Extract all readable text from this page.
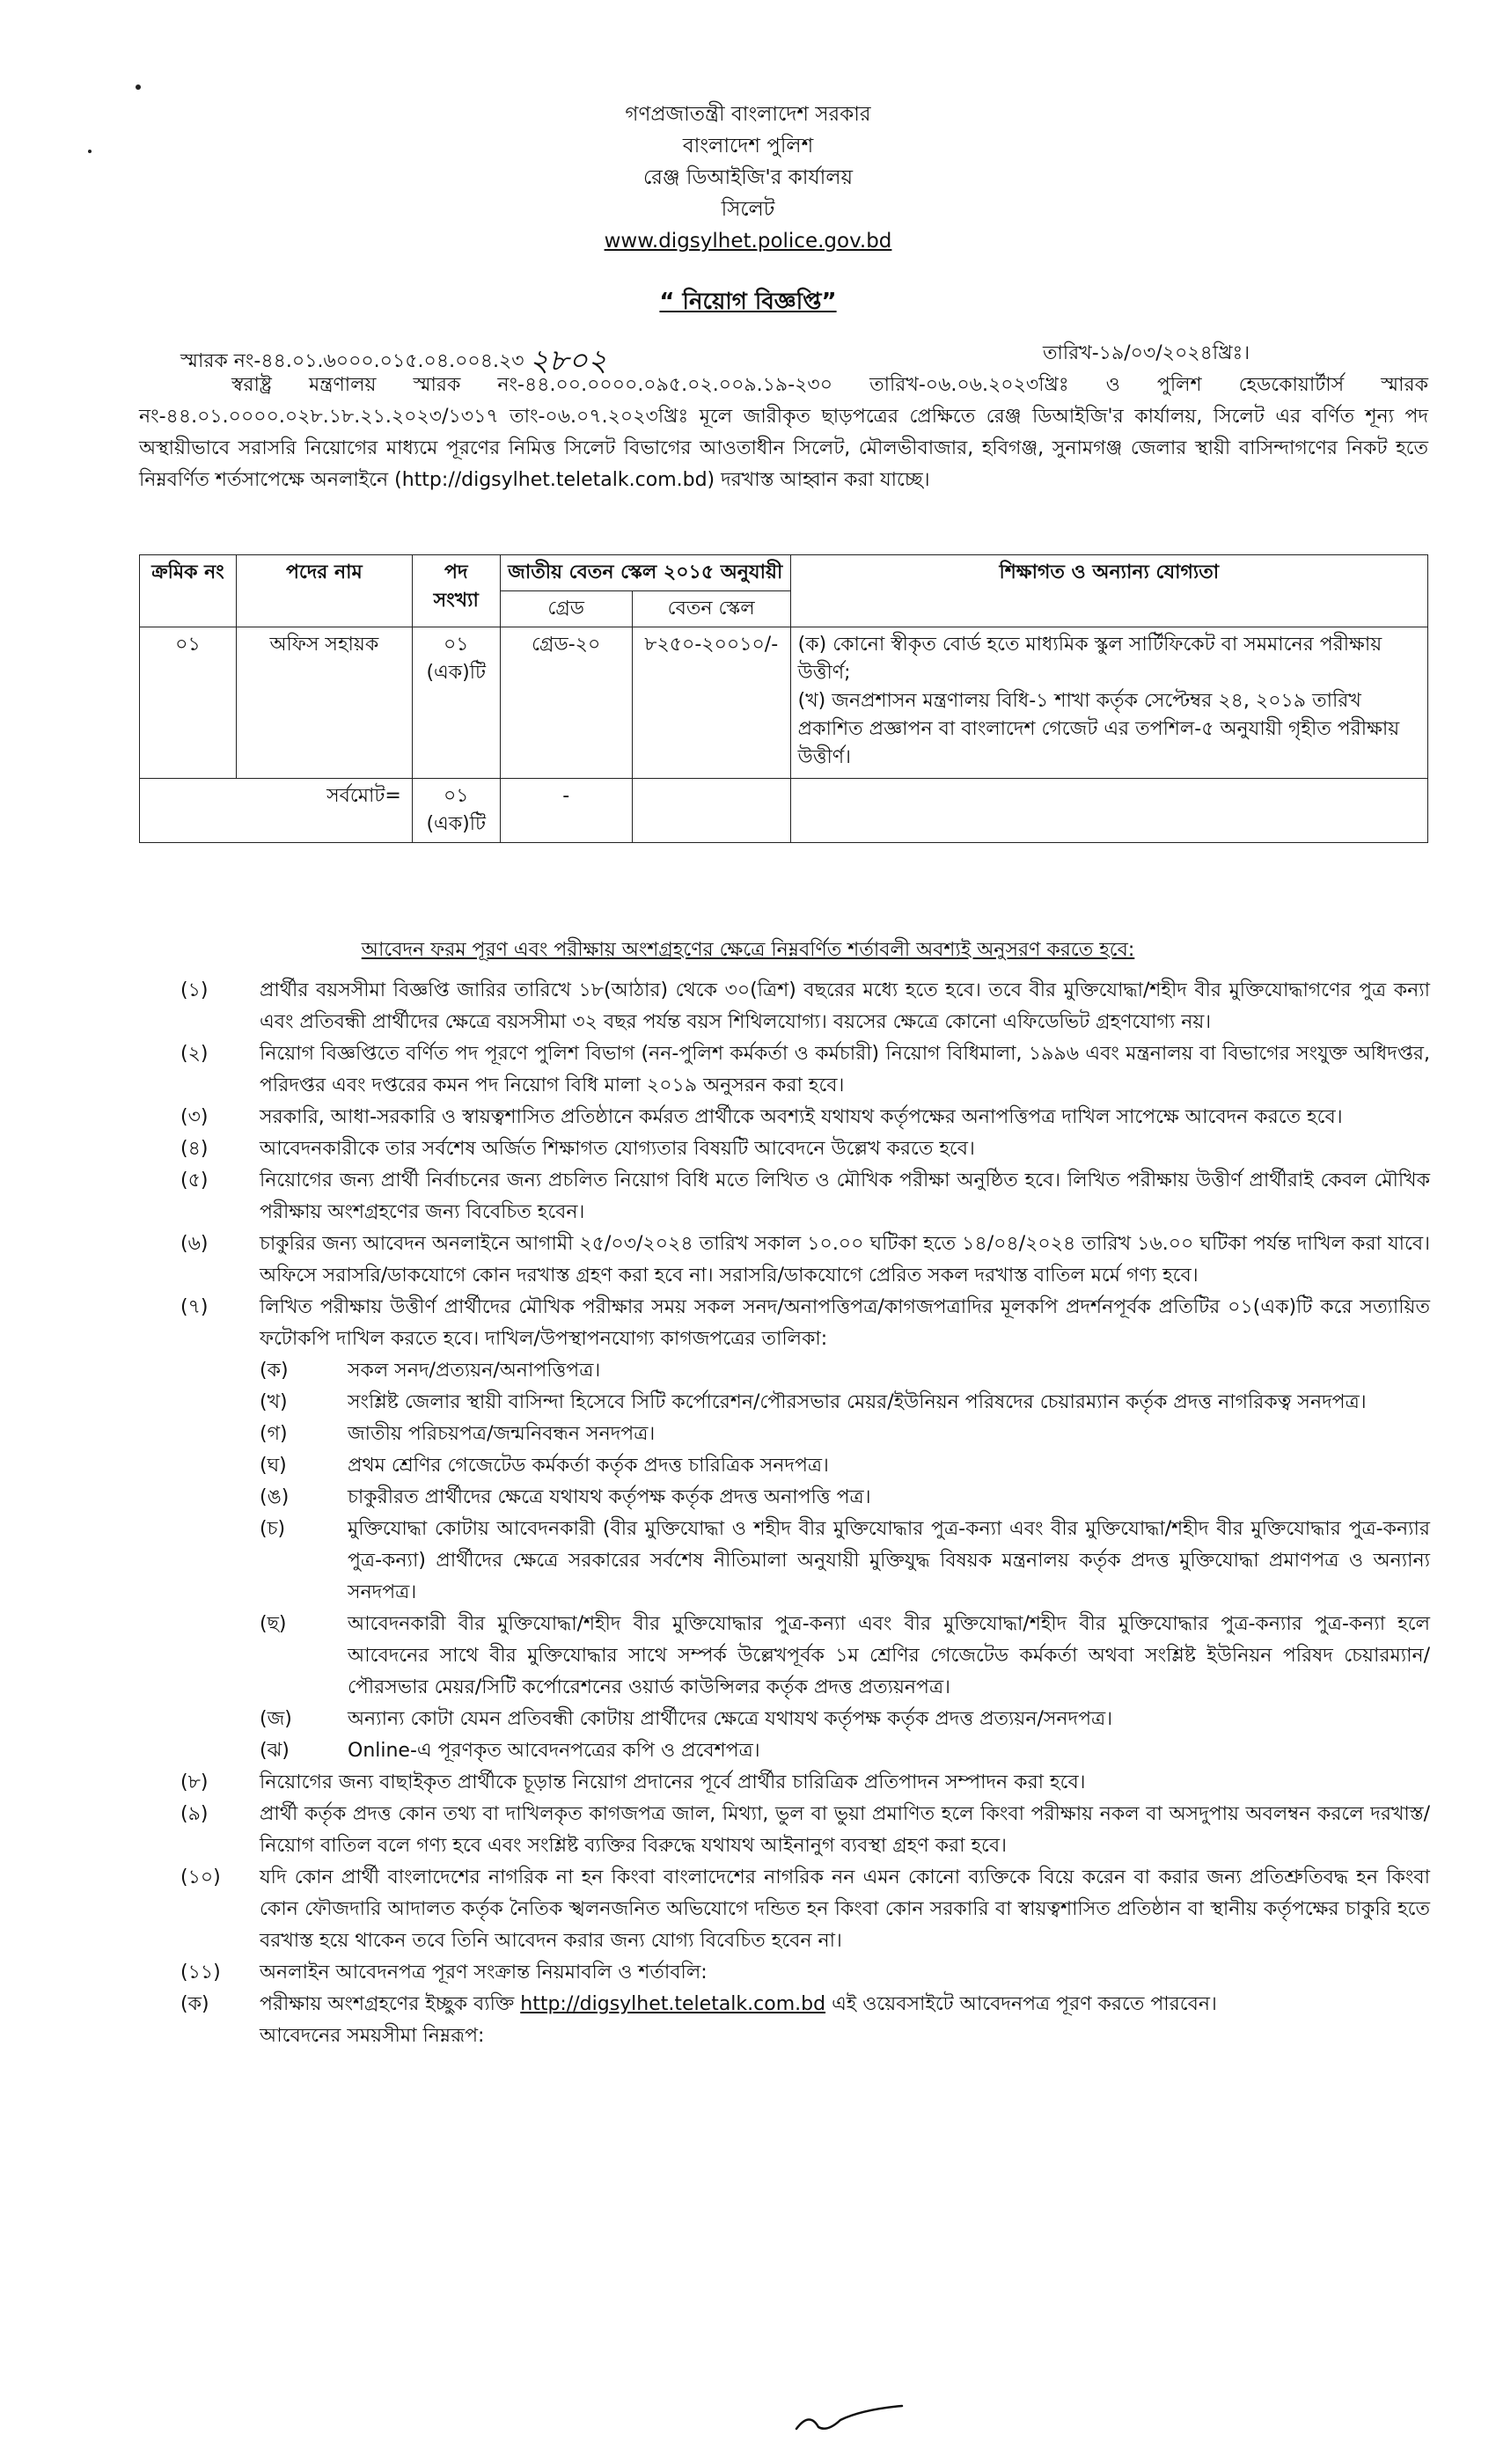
গণপ্রজাতন্ত্রী বাংলাদেশ সরকার
বাংলাদেশ পুলিশ
রেঞ্জ ডিআইজি'র কার্যালয়
সিলেট
www.digsylhet.police.gov.bd
“ নিয়োগ বিজ্ঞপ্তি”
স্মারক নং-৪৪.০১.৬০০০.০১৫.০৪.০০৪.২৩ ২৮০২	তারিখ-১৯/০৩/২০২৪খ্রিঃ।
স্বরাষ্ট্র মন্ত্রণালয় স্মারক নং-৪৪.০০.০০০০.০৯৫.০২.০০৯.১৯-২৩০ তারিখ-০৬.০৬.২০২৩খ্রিঃ ও পুলিশ হেডকোয়ার্টার্স স্মারক নং-৪৪.০১.০০০০.০২৮.১৮.২১.২০২৩/১৩১৭ তাং-০৬.০৭.২০২৩খ্রিঃ মূলে জারীকৃত ছাড়পত্রের প্রেক্ষিতে রেঞ্জ ডিআইজি'র কার্যালয়, সিলেট এর বর্ণিত শূন্য পদ অস্থায়ীভাবে সরাসরি নিয়োগের মাধ্যমে পূরণের নিমিত্ত সিলেট বিভাগের আওতাধীন সিলেট, মৌলভীবাজার, হবিগঞ্জ, সুনামগঞ্জ জেলার স্থায়ী বাসিন্দাগণের নিকট হতে নিম্নবর্ণিত শর্তসাপেক্ষে অনলাইনে (http://digsylhet.teletalk.com.bd) দরখাস্ত আহ্বান করা যাচ্ছে।
ক্রমিক নং	পদের নাম	পদ সংখ্যা	জাতীয় বেতন স্কেল ২০১৫ অনুযায়ী		শিক্ষাগত ও অন্যান্য যোগ্যতা
			গ্রেড	বেতন স্কেল	
০১	অফিস সহায়ক	০১ (এক)টি	গ্রেড-২০	৮২৫০-২০০১০/-	(ক) কোনো স্বীকৃত বোর্ড হতে মাধ্যমিক স্কুল সার্টিফিকেট বা সমমানের পরীক্ষায় উত্তীর্ণ;
(খ) জনপ্রশাসন মন্ত্রণালয় বিধি-১ শাখা কর্তৃক সেপ্টেম্বর ২৪, ২০১৯ তারিখ প্রকাশিত প্রজ্ঞাপন বা বাংলাদেশ গেজেট এর তপশিল-৫ অনুযায়ী গৃহীত পরীক্ষায় উত্তীর্ণ।

সর্বমোট=		০১ (এক)টি	-		
আবেদন ফরম পূরণ এবং পরীক্ষায় অংশগ্রহণের ক্ষেত্রে নিম্নবর্ণিত শর্তাবলী অবশ্যই অনুসরণ করতে হবে:
(১)	প্রার্থীর বয়সসীমা বিজ্ঞপ্তি জারির তারিখে ১৮(আঠার) থেকে ৩০(ত্রিশ) বছরের মধ্যে হতে হবে। তবে বীর মুক্তিযোদ্ধা/শহীদ বীর মুক্তিযোদ্ধাগণের পুত্র কন্যা এবং প্রতিবন্ধী প্রার্থীদের ক্ষেত্রে বয়সসীমা ৩২ বছর পর্যন্ত বয়স শিথিলযোগ্য। বয়সের ক্ষেত্রে কোনো এফিডেভিট গ্রহণযোগ্য নয়।
(২)	নিয়োগ বিজ্ঞপ্তিতে বর্ণিত পদ পূরণে পুলিশ বিভাগ (নন-পুলিশ কর্মকর্তা ও কর্মচারী) নিয়োগ বিধিমালা, ১৯৯৬ এবং মন্ত্রনালয় বা বিভাগের সংযুক্ত অধিদপ্তর, পরিদপ্তর এবং দপ্তরের কমন পদ নিয়োগ বিধি মালা ২০১৯ অনুসরন করা হবে।
(৩)	সরকারি, আধা-সরকারি ও স্বায়ত্বশাসিত প্রতিষ্ঠানে কর্মরত প্রার্থীকে অবশ্যই যথাযথ কর্তৃপক্ষের অনাপত্তিপত্র দাখিল সাপেক্ষে আবেদন করতে হবে।
(৪)	আবেদনকারীকে তার সর্বশেষ অর্জিত শিক্ষাগত যোগ্যতার বিষয়টি আবেদনে উল্লেখ করতে হবে।
(৫)	নিয়োগের জন্য প্রার্থী নির্বাচনের জন্য প্রচলিত নিয়োগ বিধি মতে লিখিত ও মৌখিক পরীক্ষা অনুষ্ঠিত হবে। লিখিত পরীক্ষায় উত্তীর্ণ প্রার্থীরাই কেবল মৌখিক পরীক্ষায় অংশগ্রহণের জন্য বিবেচিত হবেন।
(৬)	চাকুরির জন্য আবেদন অনলাইনে আগামী ২৫/০৩/২০২৪ তারিখ সকাল ১০.০০ ঘটিকা হতে ১৪/০৪/২০২৪ তারিখ ১৬.০০ ঘটিকা পর্যন্ত দাখিল করা যাবে। অফিসে সরাসরি/ডাকযোগে কোন দরখাস্ত গ্রহণ করা হবে না। সরাসরি/ডাকযোগে প্রেরিত সকল দরখাস্ত বাতিল মর্মে গণ্য হবে।
(৭)	লিখিত পরীক্ষায় উত্তীর্ণ প্রার্থীদের মৌখিক পরীক্ষার সময় সকল সনদ/অনাপত্তিপত্র/কাগজপত্রাদির মূলকপি প্রদর্শনপূর্বক প্রতিটির ০১(এক)টি করে সত্যায়িত ফটোকপি দাখিল করতে হবে। দাখিল/উপস্থাপনযোগ্য কাগজপত্রের তালিকা:
(ক)	সকল সনদ/প্রত্যয়ন/অনাপত্তিপত্র।
(খ)	সংশ্লিষ্ট জেলার স্থায়ী বাসিন্দা হিসেবে সিটি কর্পোরেশন/পৌরসভার মেয়র/ইউনিয়ন পরিষদের চেয়ারম্যান কর্তৃক প্রদত্ত নাগরিকত্ব সনদপত্র।
(গ)	জাতীয় পরিচয়পত্র/জন্মনিবন্ধন সনদপত্র।
(ঘ)	প্রথম শ্রেণির গেজেটেড কর্মকর্তা কর্তৃক প্রদত্ত চারিত্রিক সনদপত্র।
(ঙ)	চাকুরীরত প্রার্থীদের ক্ষেত্রে যথাযথ কর্তৃপক্ষ কর্তৃক প্রদত্ত অনাপত্তি পত্র।
(চ)	মুক্তিযোদ্ধা কোটায় আবেদনকারী (বীর মুক্তিযোদ্ধা ও শহীদ বীর মুক্তিযোদ্ধার পুত্র-কন্যা এবং বীর মুক্তিযোদ্ধা/শহীদ বীর মুক্তিযোদ্ধার পুত্র-কন্যার পুত্র-কন্যা) প্রার্থীদের ক্ষেত্রে সরকারের সর্বশেষ নীতিমালা অনুযায়ী মুক্তিযুদ্ধ বিষয়ক মন্ত্রনালয় কর্তৃক প্রদত্ত মুক্তিযোদ্ধা প্রমাণপত্র ও অন্যান্য সনদপত্র।
(ছ)	আবেদনকারী বীর মুক্তিযোদ্ধা/শহীদ বীর মুক্তিযোদ্ধার পুত্র-কন্যা এবং বীর মুক্তিযোদ্ধা/শহীদ বীর মুক্তিযোদ্ধার পুত্র-কন্যার পুত্র-কন্যা হলে আবেদনের সাথে বীর মুক্তিযোদ্ধার সাথে সম্পর্ক উল্লেখপূর্বক ১ম শ্রেণির গেজেটেড কর্মকর্তা অথবা সংশ্লিষ্ট ইউনিয়ন পরিষদ চেয়ারম্যান/পৌরসভার মেয়র/সিটি কর্পোরেশনের ওয়ার্ড কাউন্সিলর কর্তৃক প্রদত্ত প্রত্যয়নপত্র।
(জ)	অন্যান্য কোটা যেমন প্রতিবন্ধী কোটায় প্রার্থীদের ক্ষেত্রে যথাযথ কর্তৃপক্ষ কর্তৃক প্রদত্ত প্রত্যয়ন/সনদপত্র।
(ঝ)	Online-এ পূরণকৃত আবেদনপত্রের কপি ও প্রবেশপত্র।
(৮)	নিয়োগের জন্য বাছাইকৃত প্রার্থীকে চূড়ান্ত নিয়োগ প্রদানের পূর্বে প্রার্থীর চারিত্রিক প্রতিপাদন সম্পাদন করা হবে।
(৯)	প্রার্থী কর্তৃক প্রদত্ত কোন তথ্য বা দাখিলকৃত কাগজপত্র জাল, মিথ্যা, ভুল বা ভুয়া প্রমাণিত হলে কিংবা পরীক্ষায় নকল বা অসদুপায় অবলম্বন করলে দরখাস্ত/নিয়োগ বাতিল বলে গণ্য হবে এবং সংশ্লিষ্ট ব্যক্তির বিরুদ্ধে যথাযথ আইনানুগ ব্যবস্থা গ্রহণ করা হবে।
(১০) যদি কোন প্রার্থী বাংলাদেশের নাগরিক না হন কিংবা বাংলাদেশের নাগরিক নন এমন কোনো ব্যক্তিকে বিয়ে করেন বা করার জন্য প্রতিশ্রুতিবদ্ধ হন কিংবা কোন ফৌজদারি আদালত কর্তৃক নৈতিক স্খলনজনিত অভিযোগে দন্ডিত হন কিংবা কোন সরকারি বা স্বায়ত্বশাসিত প্রতিষ্ঠান বা স্থানীয় কর্তৃপক্ষের চাকুরি হতে বরখাস্ত হয়ে থাকেন তবে তিনি আবেদন করার জন্য যোগ্য বিবেচিত হবেন না।
(১১) অনলাইন আবেদনপত্র পূরণ সংক্রান্ত নিয়মাবলি ও শর্তাবলি:
(ক)	পরীক্ষায় অংশগ্রহণের ইচ্ছুক ব্যক্তি http://digsylhet.teletalk.com.bd এই ওয়েবসাইটে আবেদনপত্র পূরণ করতে পারবেন।
আবেদনের সময়সীমা নিম্নরূপ:
